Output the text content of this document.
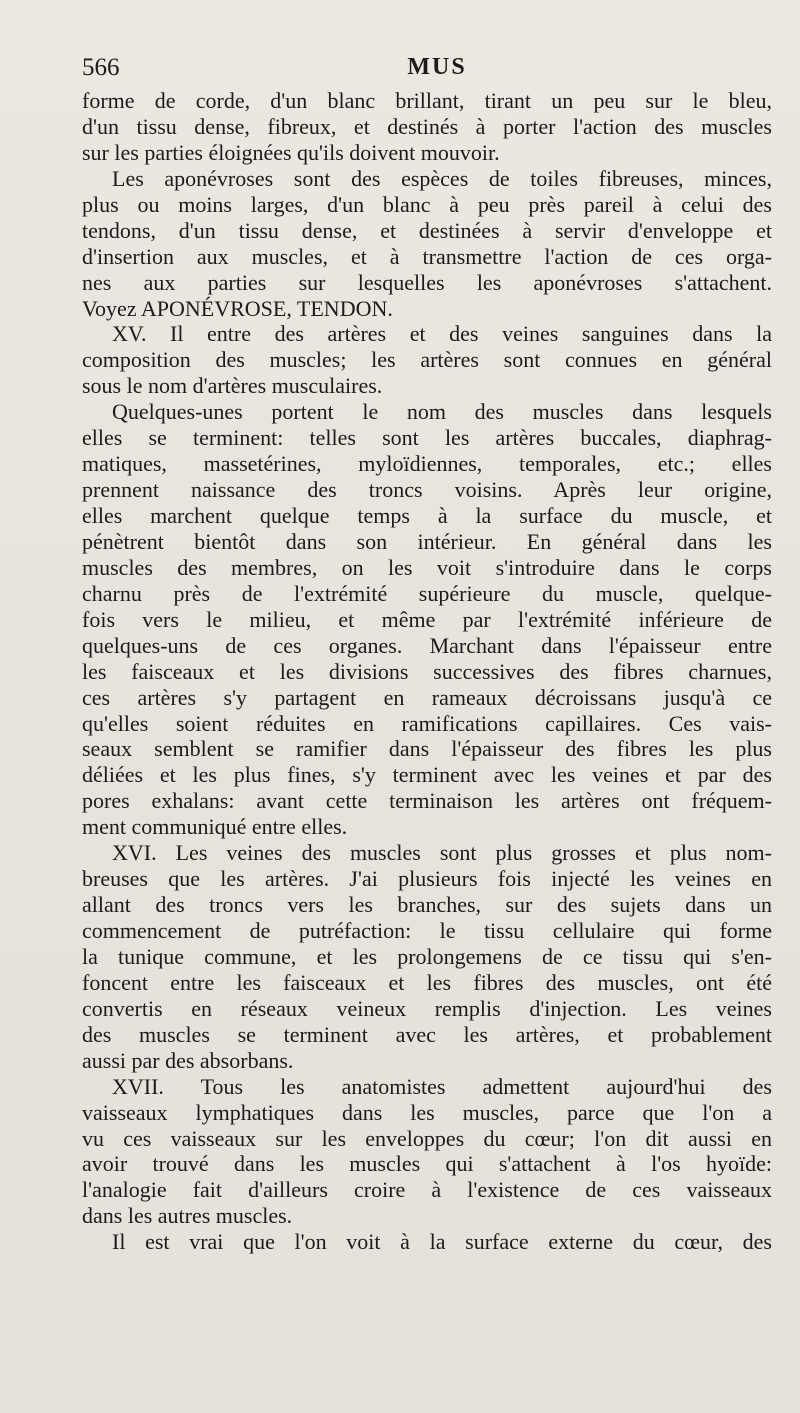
566	MUS
forme de corde, d'un blanc brillant, tirant un peu sur le bleu,
d'un tissu dense, fibreux, et destinés à porter l'action des muscles
sur les parties éloignées qu'ils doivent mouvoir.
Les aponévroses sont des espèces de toiles fibreuses, minces,
plus ou moins larges, d'un blanc à peu près pareil à celui des
tendons, d'un tissu dense, et destinées à servir d'enveloppe et
d'insertion aux muscles, et à transmettre l'action de ces orga-
nes aux parties sur lesquelles les aponévroses s'attachent.
Voyez APONÉVROSE, TENDON.
XV. Il entre des artères et des veines sanguines dans la
composition des muscles; les artères sont connues en général
sous le nom d'artères musculaires.
Quelques-unes portent le nom des muscles dans lesquels
elles se terminent: telles sont les artères buccales, diaphrag-
matiques, massetérines, myloïdiennes, temporales, etc.; elles
prennent naissance des troncs voisins. Après leur origine,
elles marchent quelque temps à la surface du muscle, et
pénètrent bientôt dans son intérieur. En général dans les
muscles des membres, on les voit s'introduire dans le corps
charnu près de l'extrémité supérieure du muscle, quelque-
fois vers le milieu, et même par l'extrémité inférieure de
quelques-uns de ces organes. Marchant dans l'épaisseur entre
les faisceaux et les divisions successives des fibres charnues,
ces artères s'y partagent en rameaux décroissans jusqu'à ce
qu'elles soient réduites en ramifications capillaires. Ces vais-
seaux semblent se ramifier dans l'épaisseur des fibres les plus
déliées et les plus fines, s'y terminent avec les veines et par des
pores exhalans: avant cette terminaison les artères ont fréquem-
ment communiqué entre elles.
XVI. Les veines des muscles sont plus grosses et plus nom-
breuses que les artères. J'ai plusieurs fois injecté les veines en
allant des troncs vers les branches, sur des sujets dans un
commencement de putréfaction: le tissu cellulaire qui forme
la tunique commune, et les prolongemens de ce tissu qui s'en-
foncent entre les faisceaux et les fibres des muscles, ont été
convertis en réseaux veineux remplis d'injection. Les veines
des muscles se terminent avec les artères, et probablement
aussi par des absorbans.
XVII. Tous les anatomistes admettent aujourd'hui des
vaisseaux lymphatiques dans les muscles, parce que l'on a
vu ces vaisseaux sur les enveloppes du cœur; l'on dit aussi en
avoir trouvé dans les muscles qui s'attachent à l'os hyoïde:
l'analogie fait d'ailleurs croire à l'existence de ces vaisseaux
dans les autres muscles.
Il est vrai que l'on voit à la surface externe du cœur, des
